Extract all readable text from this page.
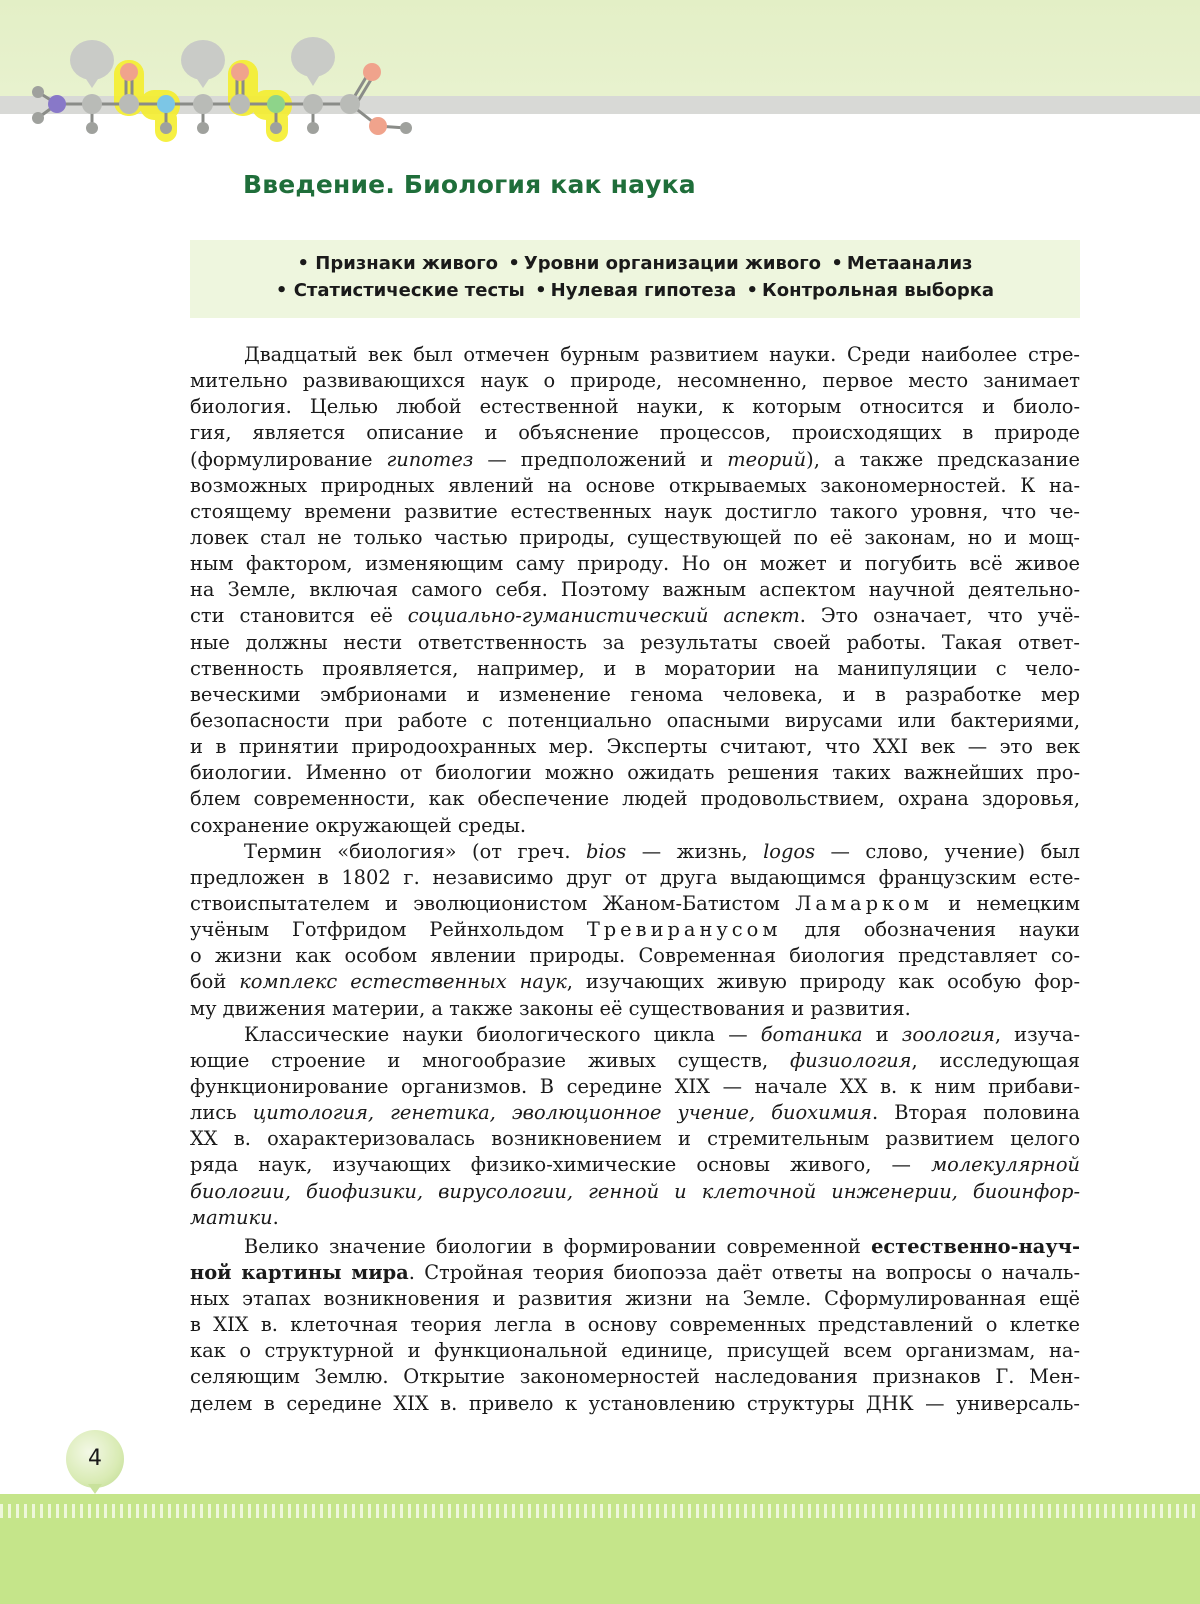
Введение. Биология как наука
• Признаки живого • Уровни организации живого • Метаанализ
• Статистические тесты • Нулевая гипотеза • Контрольная выборка
Двадцатый век был отмечен бурным развитием науки. Среди наиболее стре-
мительно развивающихся наук о природе, несомненно, первое место занимает
биология. Целью любой естественной науки, к которым относится и биоло-
гия, является описание и объяснение процессов, происходящих в природе
(формулирование гипотез — предположений и теорий), а также предсказание
возможных природных явлений на основе открываемых закономерностей. К на-
стоящему времени развитие естественных наук достигло такого уровня, что че-
ловек стал не только частью природы, существующей по её законам, но и мощ-
ным фактором, изменяющим саму природу. Но он может и погубить всё живое
на Земле, включая самого себя. Поэтому важным аспектом научной деятельно-
сти становится её социально-гуманистический аспект. Это означает, что учё-
ные должны нести ответственность за результаты своей работы. Такая ответ-
ственность проявляется, например, и в моратории на манипуляции с чело-
веческими эмбрионами и изменение генома человека, и в разработке мер
безопасности при работе с потенциально опасными вирусами или бактериями,
и в принятии природоохранных мер. Эксперты считают, что XXI век — это век
биологии. Именно от биологии можно ожидать решения таких важнейших про-
блем современности, как обеспечение людей продовольствием, охрана здоровья,
сохранение окружающей среды.
Термин «биология» (от греч. bios — жизнь, logos — слово, учение) был
предложен в 1802 г. независимо друг от друга выдающимся французским есте-
ствоиспытателем и эволюционистом Жаном-Батистом Ламарком и немецким
учёным Готфридом Рейнхольдом Тревиранусом для обозначения науки
о жизни как особом явлении природы. Современная биология представляет со-
бой комплекс естественных наук, изучающих живую природу как особую фор-
му движения материи, а также законы её существования и развития.
Классические науки биологического цикла — ботаника и зоология, изуча-
ющие строение и многообразие живых существ, физиология, исследующая
функционирование организмов. В середине XIX — начале XX в. к ним прибави-
лись цитология, генетика, эволюционное учение, биохимия. Вторая половина
XX в. охарактеризовалась возникновением и стремительным развитием целого
ряда наук, изучающих физико-химические основы живого, — молекулярной
биологии, биофизики, вирусологии, генной и клеточной инженерии, биоинфор-
матики.
Велико значение биологии в формировании современной естественно-науч-
ной картины мира. Стройная теория биопоэза даёт ответы на вопросы о началь-
ных этапах возникновения и развития жизни на Земле. Сформулированная ещё
в XIX в. клеточная теория легла в основу современных представлений о клетке
как о структурной и функциональной единице, присущей всем организмам, на-
селяющим Землю. Открытие закономерностей наследования признаков Г. Мен-
делем в середине XIX в. привело к установлению структуры ДНК — универсаль-
4
